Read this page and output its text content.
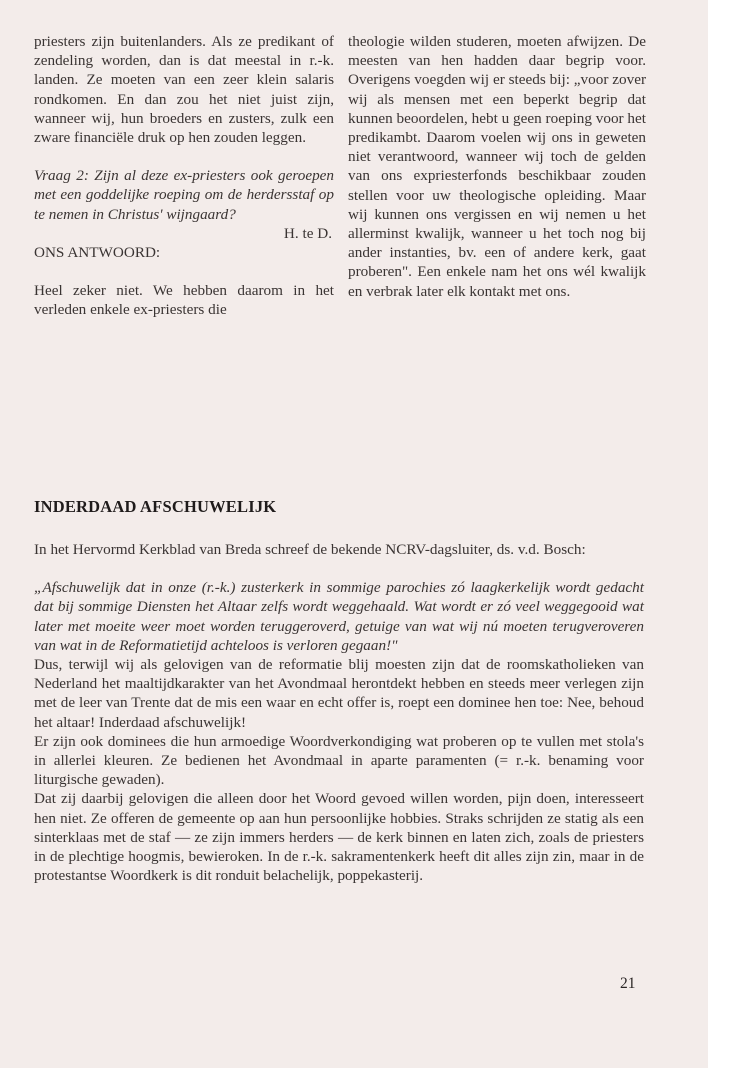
priesters zijn buitenlanders. Als ze predikant of zendeling worden, dan is dat meestal in r.-k. landen. Ze moeten van een zeer klein salaris rondkomen. En dan zou het niet juist zijn, wanneer wij, hun broeders en zusters, zulk een zware financiële druk op hen zouden leggen.

Vraag 2: Zijn al deze ex-priesters ook geroepen met een goddelijke roeping om de herdersstaf op te nemen in Christus' wijngaard?

H. te D.

ONS ANTWOORD:

Heel zeker niet. We hebben daarom in het verleden enkele ex-priesters die

theologie wilden studeren, moeten afwijzen. De meesten van hen hadden daar begrip voor. Overigens voegden wij er steeds bij: „voor zover wij als mensen met een beperkt begrip dat kunnen beoordelen, hebt u geen roeping voor het predikambt. Daarom voelen wij ons in geweten niet verantwoord, wanneer wij toch de gelden van ons expriesterfonds beschikbaar zouden stellen voor uw theologische opleiding. Maar wij kunnen ons vergissen en wij nemen u het allerminst kwalijk, wanneer u het toch nog bij ander instanties, bv. een of andere kerk, gaat proberen". Een enkele nam het ons wél kwalijk en verbrak later elk kontakt met ons.

INDERDAAD AFSCHUWELIJK

In het Hervormd Kerkblad van Breda schreef de bekende NCRV-dagsluiter, ds. v.d. Bosch:

„Afschuwelijk dat in onze (r.-k.) zusterkerk in sommige parochies zó laagkerkelijk wordt gedacht dat bij sommige Diensten het Altaar zelfs wordt weggehaald. Wat wordt er zó veel weggegooid wat later met moeite weer moet worden teruggeroverd, getuige van wat wij nú moeten terugveroveren van wat in de Reformatietijd achteloos is verloren gegaan!"

Dus, terwijl wij als gelovigen van de reformatie blij moesten zijn dat de roomskatholieken van Nederland het maaltijdkarakter van het Avondmaal herontdekt hebben en steeds meer verlegen zijn met de leer van Trente dat de mis een waar en echt offer is, roept een dominee hen toe: Nee, behoud het altaar! Inderdaad afschuwelijk!

Er zijn ook dominees die hun armoedige Woordverkondiging wat proberen op te vullen met stola's in allerlei kleuren. Ze bedienen het Avondmaal in aparte paramenten (= r.-k. benaming voor liturgische gewaden).

Dat zij daarbij gelovigen die alleen door het Woord gevoed willen worden, pijn doen, interesseert hen niet. Ze offeren de gemeente op aan hun persoonlijke hobbies. Straks schrijden ze statig als een sinterklaas met de staf — ze zijn immers herders — de kerk binnen en laten zich, zoals de priesters in de plechtige hoogmis, bewieroken. In de r.-k. sakramentenkerk heeft dit alles zijn zin, maar in de protestantse Woordkerk is dit ronduit belachelijk, poppekasterij.

21
